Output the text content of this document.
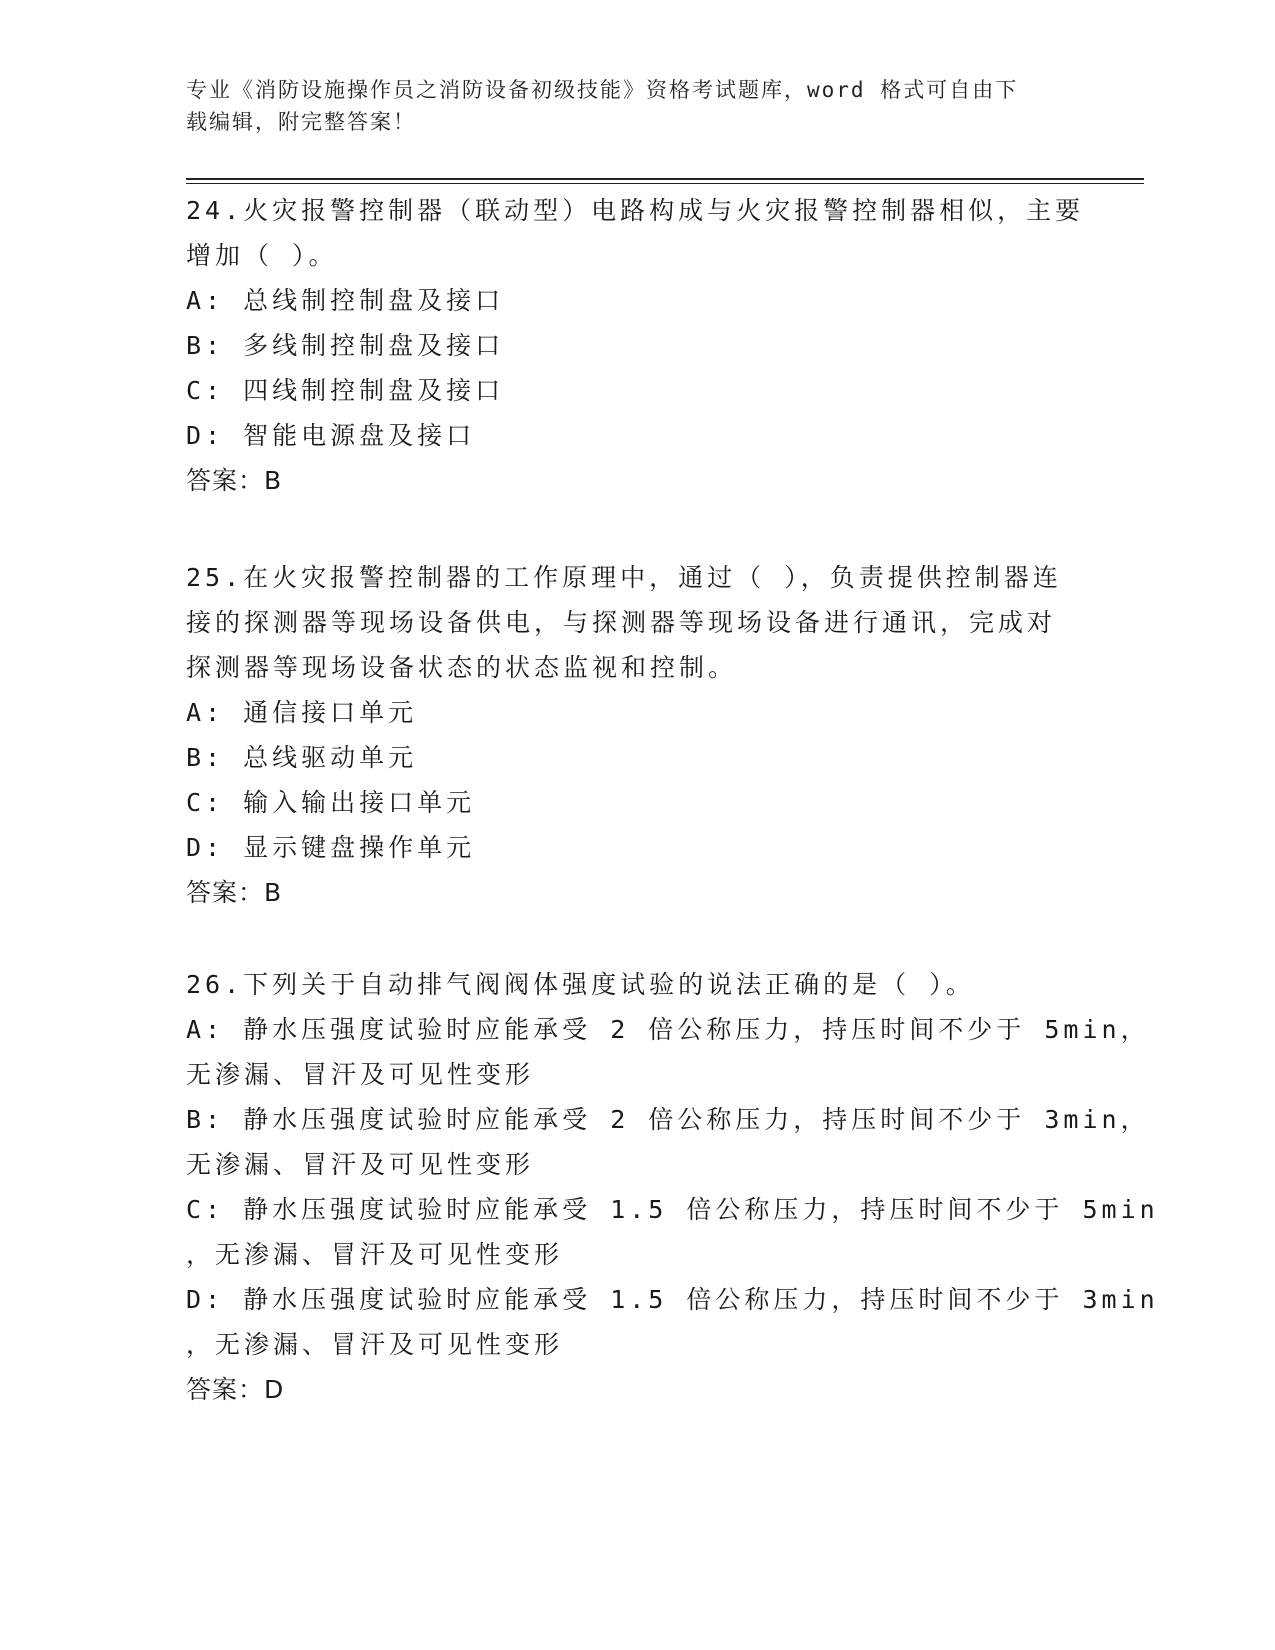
专业《消防设施操作员之消防设备初级技能》资格考试题库，word 格式可自由下
载编辑，附完整答案！
24.火灾报警控制器（联动型）电路构成与火灾报警控制器相似，主要
增加（ ）。
A: 总线制控制盘及接口
B: 多线制控制盘及接口
C: 四线制控制盘及接口
D: 智能电源盘及接口
答案：B
25.在火灾报警控制器的工作原理中，通过（ ），负责提供控制器连
接的探测器等现场设备供电，与探测器等现场设备进行通讯，完成对
探测器等现场设备状态的状态监视和控制。
A: 通信接口单元
B: 总线驱动单元
C: 输入输出接口单元
D: 显示键盘操作单元
答案：B
26.下列关于自动排气阀阀体强度试验的说法正确的是（ ）。
A: 静水压强度试验时应能承受 2 倍公称压力，持压时间不少于 5min，
无渗漏、冒汗及可见性变形
B: 静水压强度试验时应能承受 2 倍公称压力，持压时间不少于 3min，
无渗漏、冒汗及可见性变形
C: 静水压强度试验时应能承受 1.5 倍公称压力，持压时间不少于 5min
，无渗漏、冒汗及可见性变形
D: 静水压强度试验时应能承受 1.5 倍公称压力，持压时间不少于 3min
，无渗漏、冒汗及可见性变形
答案：D
